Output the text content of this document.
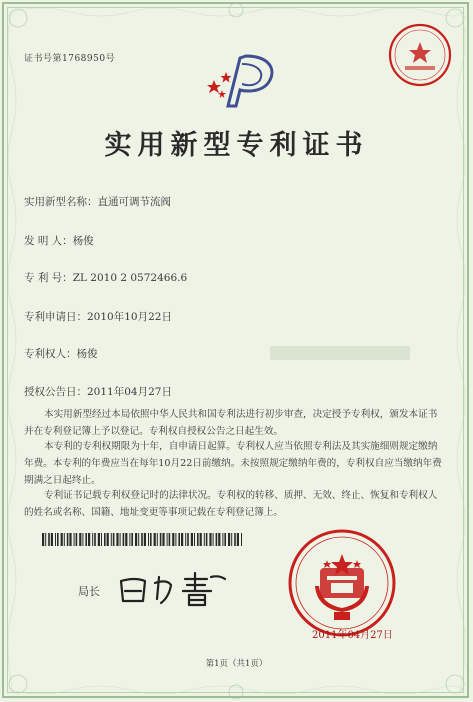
证书号第1768950号
实用新型专利证书
实用新型名称：直通可调节流阀
发 明 人：杨俊
专 利 号：ZL 2010 2 0572466.6
专利申请日：2010年10月22日
专利权人：杨俊
授权公告日：2011年04月27日
本实用新型经过本局依照中华人民共和国专利法进行初步审查，决定授予专利权，颁发本证书并在专利登记簿上予以登记。专利权自授权公告之日起生效。
本专利的专利权期限为十年，自申请日起算。专利权人应当依照专利法及其实施细则规定缴纳年费。本专利的年费应当在每年10月22日前缴纳。未按照规定缴纳年费的，专利权自应当缴纳年费期满之日起终止。
专利证书记载专利权登记时的法律状况。专利权的转移、质押、无效、终止、恢复和专利权人的姓名或名称、国籍、地址变更等事项记载在专利登记簿上。
局长
2011年04月27日
第1页（共1页）
